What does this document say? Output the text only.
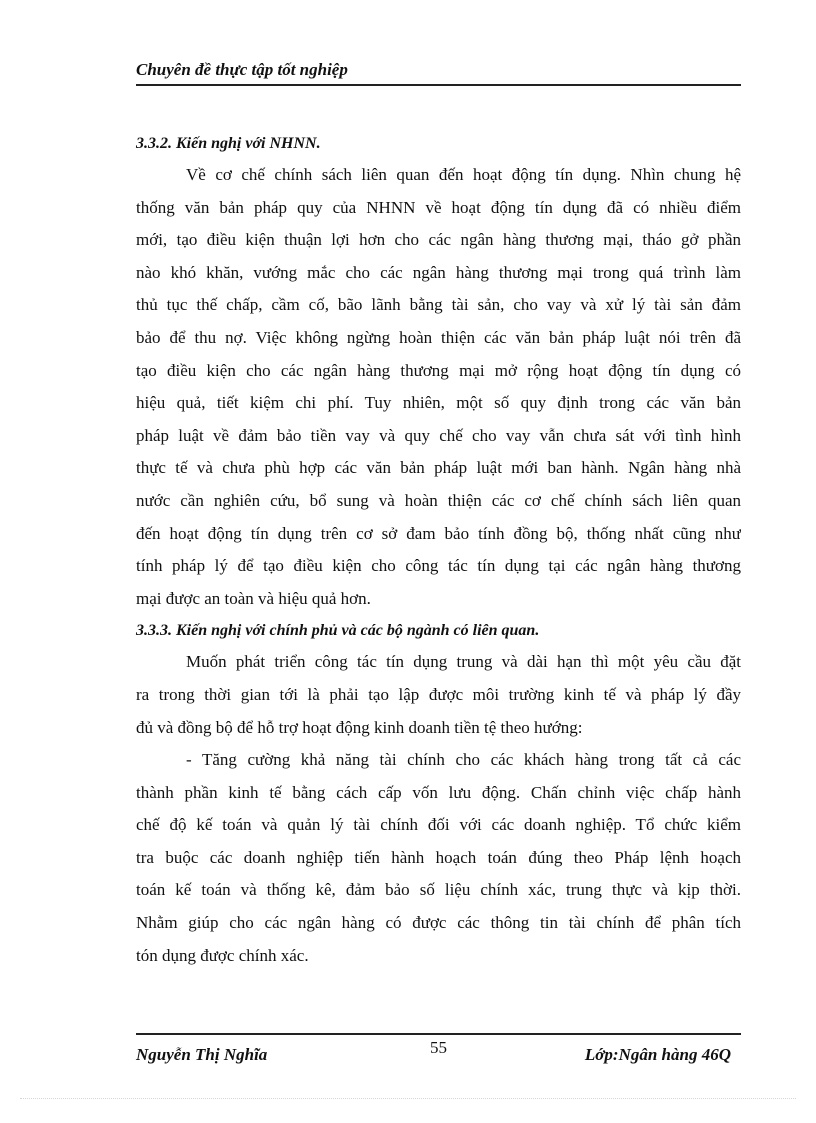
Chuyên đề thực tập tốt nghiệp
3.3.2. Kiến nghị với NHNN.
Về cơ chế chính sách liên quan đến hoạt động tín dụng. Nhìn chung hệ
thống văn bản pháp quy của NHNN về hoạt động tín dụng đã có nhiều điểm
mới, tạo điều kiện thuận lợi hơn cho các ngân hàng thương mại, tháo gở phần
nào khó khăn, vướng mắc cho các ngân hàng thương mại trong quá trình làm
thủ tục thế chấp, cầm cố, bão lãnh bằng tài sản, cho vay và xử lý tài sản đảm
bảo để thu nợ. Việc không ngừng hoàn thiện các văn bản pháp luật nói trên đã
tạo điều kiện cho các ngân hàng thương mại mở rộng hoạt động tín dụng có
hiệu quả, tiết kiệm chi phí. Tuy nhiên, một số quy định trong các văn bản
pháp luật về đảm bảo tiền vay và quy chế cho vay vẫn chưa sát với tình hình
thực tế và chưa phù hợp các văn bản pháp luật mới ban hành. Ngân hàng nhà
nước cần nghiên cứu, bổ sung và hoàn thiện các cơ chế chính sách liên quan
đến hoạt động tín dụng trên cơ sở đam bảo tính đồng bộ, thống nhất cũng như
tính pháp lý để tạo điều kiện cho công tác tín dụng tại các ngân hàng thương
mại được an toàn và hiệu quả hơn.
3.3.3. Kiến nghị với chính phủ và các bộ ngành có liên quan.
Muốn phát triển công tác tín dụng trung và dài hạn thì một yêu cầu đặt
ra trong thời gian tới là phải tạo lập được môi trường kinh tế và pháp lý đầy
đủ và đồng bộ để hỗ trợ hoạt động kinh doanh tiền tệ theo hướng:
- Tăng cường khả năng tài chính cho các khách hàng trong tất cả các
thành phần kinh tế bằng cách cấp vốn lưu động. Chấn chỉnh việc chấp hành
chế độ kế toán và quản lý tài chính đối với các doanh nghiệp. Tổ chức kiểm
tra buộc các doanh nghiệp tiến hành hoạch toán đúng theo Pháp lệnh hoạch
toán kế toán và thống kê, đảm bảo số liệu chính xác, trung thực và kịp thời.
Nhằm giúp cho các ngân hàng có được các thông tin tài chính để phân tích
tón dụng được chính xác.
Nguyễn Thị Nghĩa	55	Lớp:Ngân hàng 46Q
